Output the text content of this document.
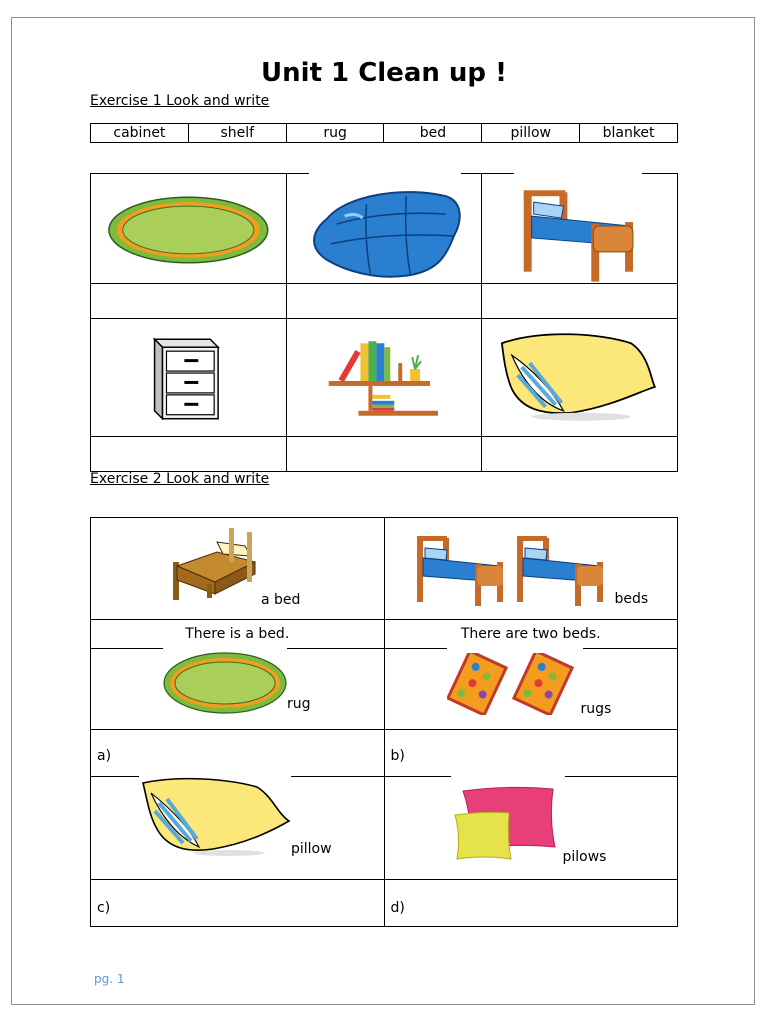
Unit 1 Clean up !
Exercise 1 Look and write
cabinet	shelf	rug	bed	pillow	blanket

Exercise 2 Look and write
a bed	beds

There is a bed.	There are two beds.

rug	rugs

a)	b)

pillow	pilows

c)	d)
pg. 1
